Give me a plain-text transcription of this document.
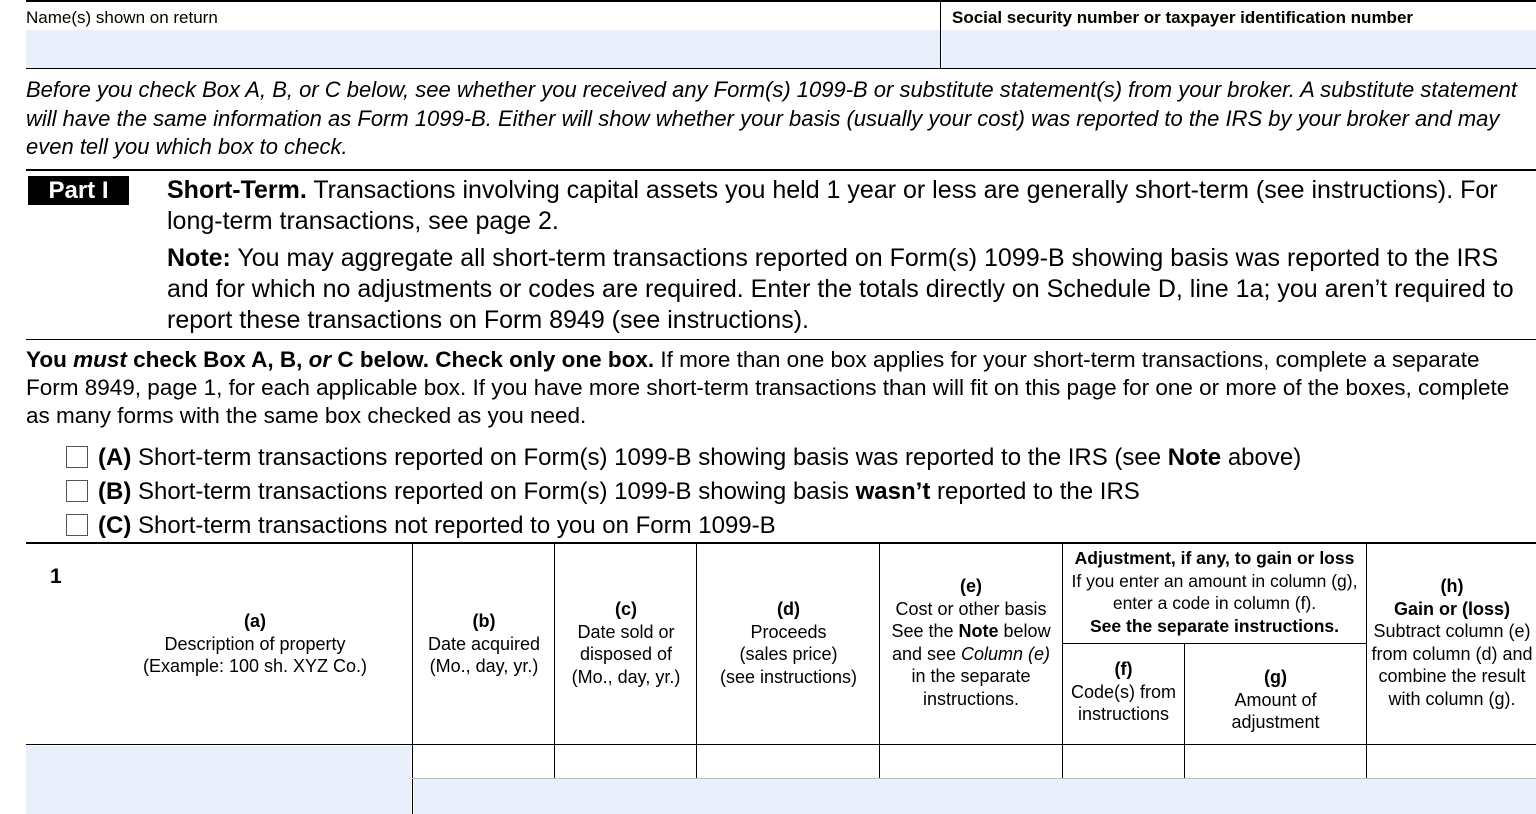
Name(s) shown on return	Social security number or taxpayer identification number
Before you check Box A, B, or C below, see whether you received any Form(s) 1099-B or substitute statement(s) from your broker. A substitute statement will have the same information as Form 1099-B. Either will show whether your basis (usually your cost) was reported to the IRS by your broker and may even tell you which box to check.
Part I	Short-Term. Transactions involving capital assets you held 1 year or less are generally short-term (see instructions). For long-term transactions, see page 2.
Note: You may aggregate all short-term transactions reported on Form(s) 1099-B showing basis was reported to the IRS and for which no adjustments or codes are required. Enter the totals directly on Schedule D, line 1a; you aren’t required to report these transactions on Form 8949 (see instructions).
You must check Box A, B, or C below. Check only one box. If more than one box applies for your short-term transactions, complete a separate Form 8949, page 1, for each applicable box. If you have more short-term transactions than will fit on this page for one or more of the boxes, complete as many forms with the same box checked as you need.
(A) Short-term transactions reported on Form(s) 1099-B showing basis was reported to the IRS (see Note above)
(B) Short-term transactions reported on Form(s) 1099-B showing basis wasn’t reported to the IRS
(C) Short-term transactions not reported to you on Form 1099-B
1
(a)
Description of property
(Example: 100 sh. XYZ Co.)
(b)
Date acquired
(Mo., day, yr.)
(c)
Date sold or
disposed of
(Mo., day, yr.)
(d)
Proceeds
(sales price)
(see instructions)
(e)
Cost or other basis
See the Note below
and see Column (e)
in the separate
instructions.
Adjustment, if any, to gain or loss
If you enter an amount in column (g),
enter a code in column (f).
See the separate instructions.
(f)
Code(s) from
instructions
(g)
Amount of
adjustment
(h)
Gain or (loss)
Subtract column (e)
from column (d) and
combine the result
with column (g).
